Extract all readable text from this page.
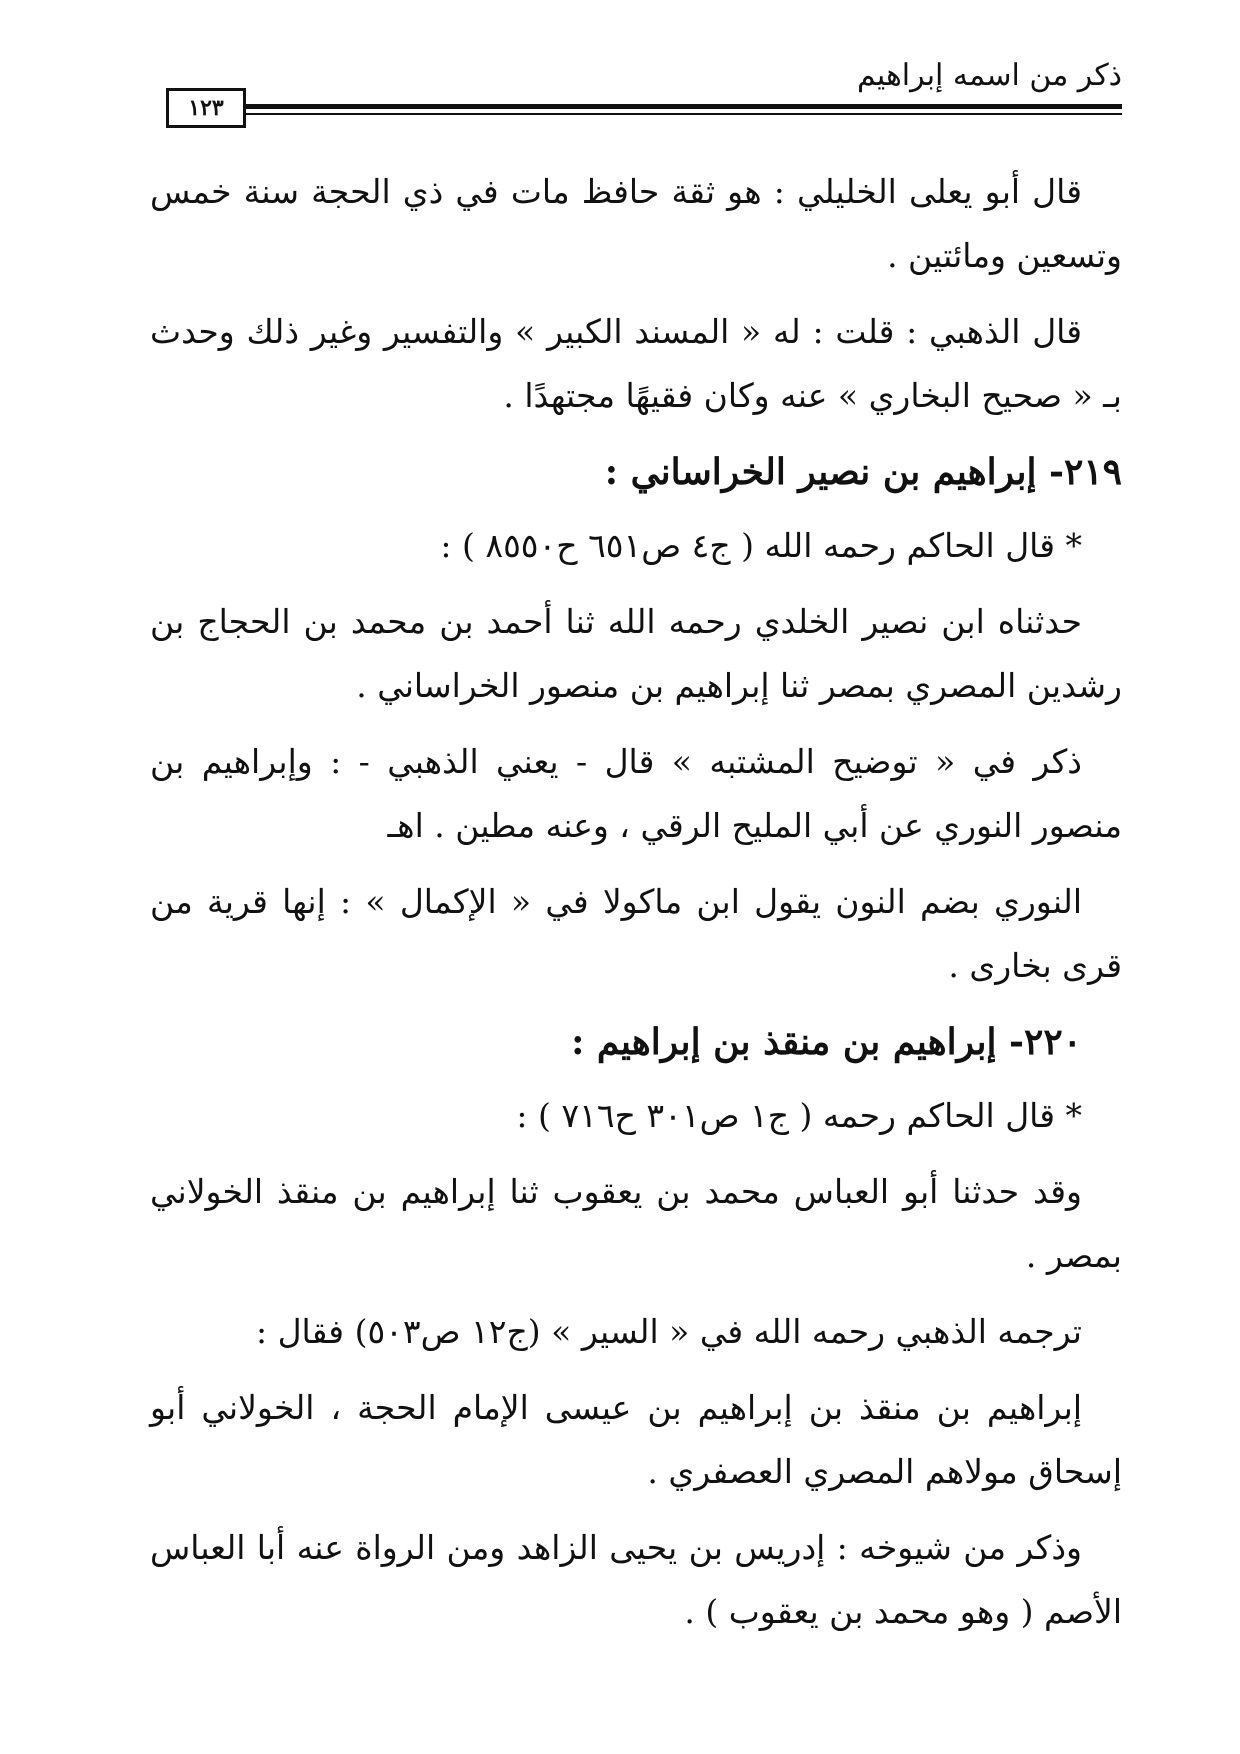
ذكر من اسمه إبراهيم
١٢٣

قال أبو يعلى الخليلي : هو ثقة حافظ مات في ذي الحجة سنة خمس وتسعين ومائتين .

قال الذهبي : قلت : له « المسند الكبير » والتفسير وغير ذلك وحدث بـ « صحيح البخاري » عنه وكان فقيهًا مجتهدًا .

٢١٩- إبراهيم بن نصير الخراساني :

* قال الحاكم رحمه الله ( ج٤ ص٦٥١ ح٨٥٥٠ ) :

حدثناه ابن نصير الخلدي رحمه الله ثنا أحمد بن محمد بن الحجاج بن رشدين المصري بمصر ثنا إبراهيم بن منصور الخراساني .

ذكر في « توضيح المشتبه » قال - يعني الذهبي - : وإبراهيم بن منصور النوري عن أبي المليح الرقي ، وعنه مطين . اهـ

النوري بضم النون يقول ابن ماكولا في « الإكمال » : إنها قرية من قرى بخارى .

٢٢٠- إبراهيم بن منقذ بن إبراهيم :

* قال الحاكم رحمه ( ج١ ص٣٠١ ح٧١٦ ) :

وقد حدثنا أبو العباس محمد بن يعقوب ثنا إبراهيم بن منقذ الخولاني بمصر .

ترجمه الذهبي رحمه الله في « السير » (ج١٢ ص٥٠٣) فقال :

إبراهيم بن منقذ بن إبراهيم بن عيسى الإمام الحجة ، الخولاني أبو إسحاق مولاهم المصري العصفري .

وذكر من شيوخه : إدريس بن يحيى الزاهد ومن الرواة عنه أبا العباس الأصم ( وهو محمد بن يعقوب ) .
